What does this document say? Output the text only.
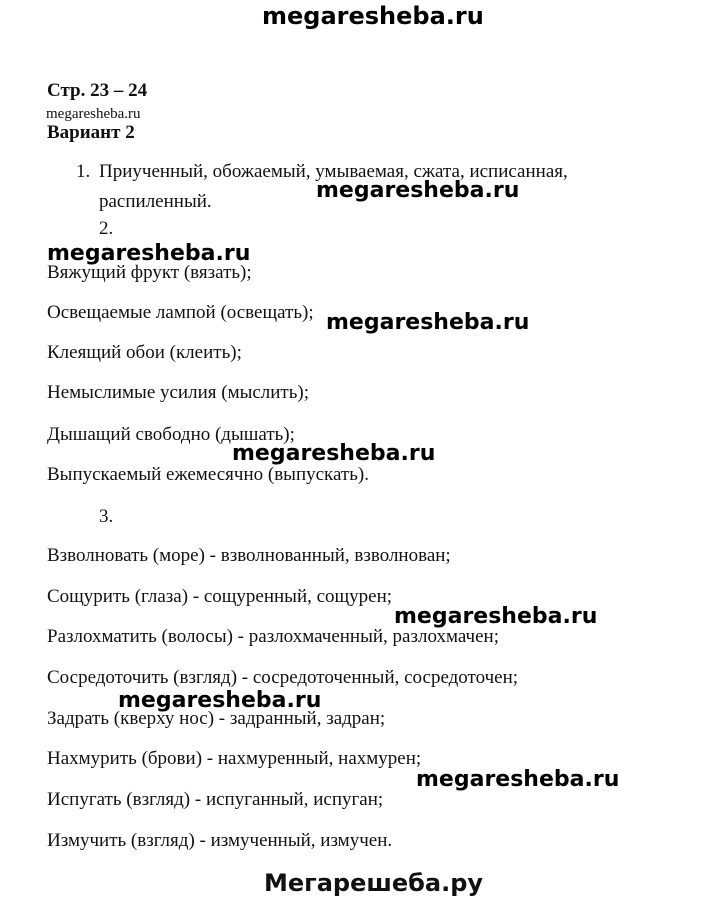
megaresheba.ru
Стр. 23 – 24
megaresheba.ru
Вариант 2
1. Приученный, обожаемый, умываемая, сжата, исписанная,
распиленный.
2.
Вяжущий фрукт (вязать);
Освещаемые лампой (освещать);
Клеящий обои (клеить);
Немыслимые усилия (мыслить);
Дышащий свободно (дышать);
Выпускаемый ежемесячно (выпускать).
3.
Взволновать (море) - взволнованный, взволнован;
Сощурить (глаза) - сощуренный, сощурен;
Разлохматить (волосы) - разлохмаченный, разлохмачен;
Сосредоточить (взгляд) - сосредоточенный, сосредоточен;
Задрать (кверху нос) - задранный, задран;
Нахмурить (брови) - нахмуренный, нахмурен;
Испугать (взгляд) - испуганный, испуган;
Измучить (взгляд) - измученный, измучен.
megaresheba.ru
megaresheba.ru
megaresheba.ru
megaresheba.ru
megaresheba.ru
megaresheba.ru
megaresheba.ru
Мегарешеба.ру
